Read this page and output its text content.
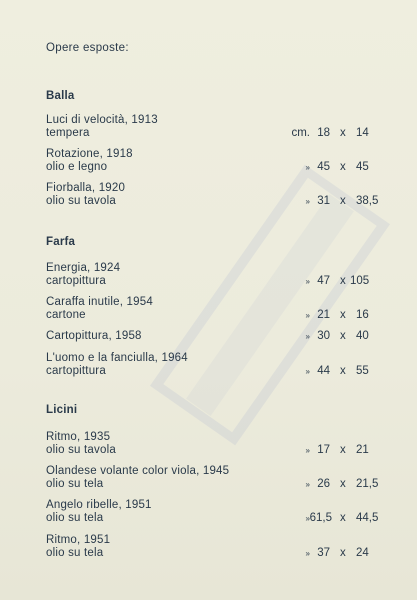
Opere esposte:
Balla
Luci di velocità, 1913
tempera	cm. 18 x 14
Rotazione, 1918
olio e legno	» 45 x 45
Fiorballa, 1920
olio su tavola	» 31 x 38,5
Farfa
Energia, 1924
cartopittura	» 47 x 105
Caraffa inutile, 1954
cartone	» 21 x 16
Cartopittura, 1958	» 30 x 40
L'uomo e la fanciulla, 1964
cartopittura	» 44 x 55
Licini
Ritmo, 1935
olio su tavola	» 17 x 21
Olandese volante color viola, 1945
olio su tela	» 26 x 21,5
Angelo ribelle, 1951
olio su tela	» 61,5 x 44,5
Ritmo, 1951
olio su tela	» 37 x 24
